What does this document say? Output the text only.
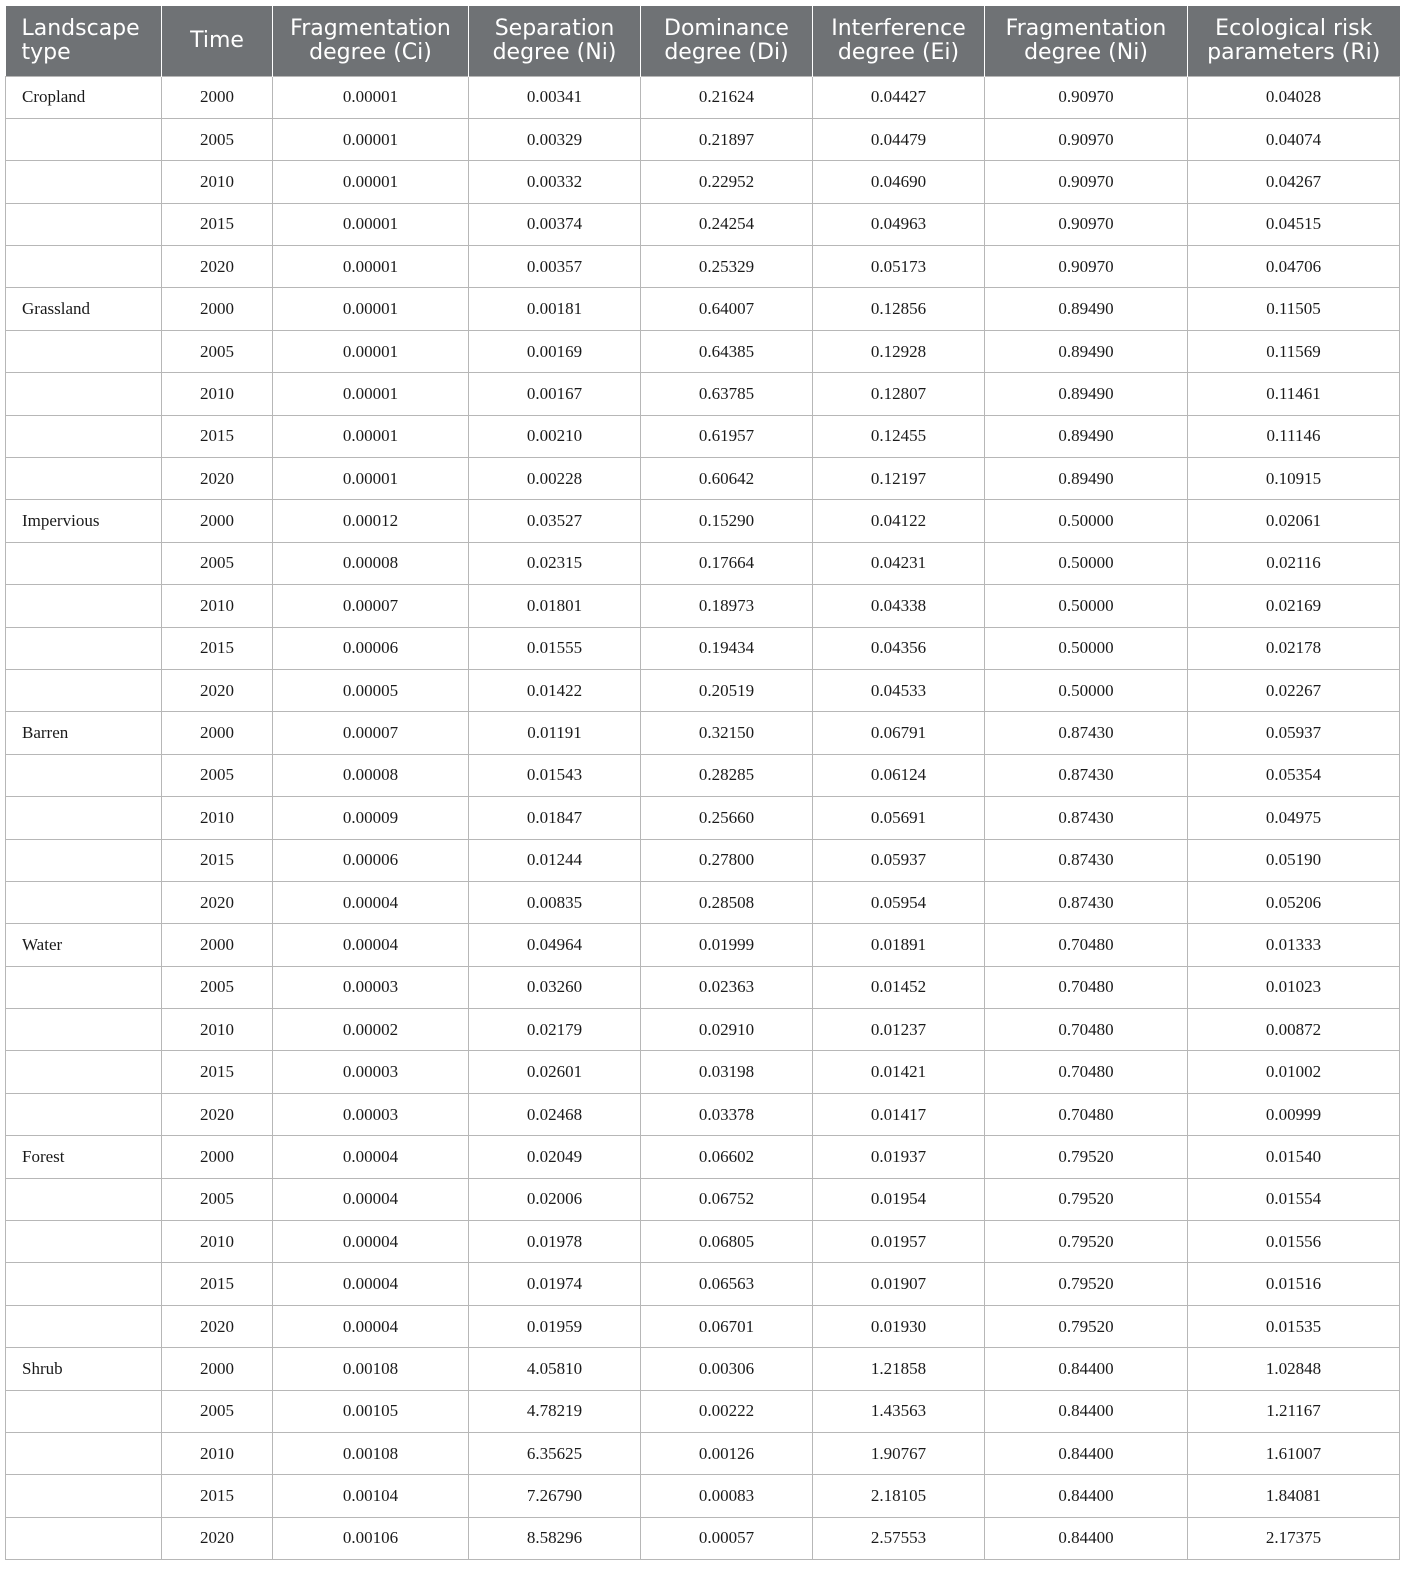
Landscape type	Time	Fragmentation degree (Ci)	Separation degree (Ni)	Dominance degree (Di)	Interference degree (Ei)	Fragmentation degree (Ni)	Ecological risk parameters (Ri)
Cropland	2000	0.00001	0.00341	0.21624	0.04427	0.90970	0.04028
	2005	0.00001	0.00329	0.21897	0.04479	0.90970	0.04074
	2010	0.00001	0.00332	0.22952	0.04690	0.90970	0.04267
	2015	0.00001	0.00374	0.24254	0.04963	0.90970	0.04515
	2020	0.00001	0.00357	0.25329	0.05173	0.90970	0.04706
Grassland	2000	0.00001	0.00181	0.64007	0.12856	0.89490	0.11505
	2005	0.00001	0.00169	0.64385	0.12928	0.89490	0.11569
	2010	0.00001	0.00167	0.63785	0.12807	0.89490	0.11461
	2015	0.00001	0.00210	0.61957	0.12455	0.89490	0.11146
	2020	0.00001	0.00228	0.60642	0.12197	0.89490	0.10915
Impervious	2000	0.00012	0.03527	0.15290	0.04122	0.50000	0.02061
	2005	0.00008	0.02315	0.17664	0.04231	0.50000	0.02116
	2010	0.00007	0.01801	0.18973	0.04338	0.50000	0.02169
	2015	0.00006	0.01555	0.19434	0.04356	0.50000	0.02178
	2020	0.00005	0.01422	0.20519	0.04533	0.50000	0.02267
Barren	2000	0.00007	0.01191	0.32150	0.06791	0.87430	0.05937
	2005	0.00008	0.01543	0.28285	0.06124	0.87430	0.05354
	2010	0.00009	0.01847	0.25660	0.05691	0.87430	0.04975
	2015	0.00006	0.01244	0.27800	0.05937	0.87430	0.05190
	2020	0.00004	0.00835	0.28508	0.05954	0.87430	0.05206
Water	2000	0.00004	0.04964	0.01999	0.01891	0.70480	0.01333
	2005	0.00003	0.03260	0.02363	0.01452	0.70480	0.01023
	2010	0.00002	0.02179	0.02910	0.01237	0.70480	0.00872
	2015	0.00003	0.02601	0.03198	0.01421	0.70480	0.01002
	2020	0.00003	0.02468	0.03378	0.01417	0.70480	0.00999
Forest	2000	0.00004	0.02049	0.06602	0.01937	0.79520	0.01540
	2005	0.00004	0.02006	0.06752	0.01954	0.79520	0.01554
	2010	0.00004	0.01978	0.06805	0.01957	0.79520	0.01556
	2015	0.00004	0.01974	0.06563	0.01907	0.79520	0.01516
	2020	0.00004	0.01959	0.06701	0.01930	0.79520	0.01535
Shrub	2000	0.00108	4.05810	0.00306	1.21858	0.84400	1.02848
	2005	0.00105	4.78219	0.00222	1.43563	0.84400	1.21167
	2010	0.00108	6.35625	0.00126	1.90767	0.84400	1.61007
	2015	0.00104	7.26790	0.00083	2.18105	0.84400	1.84081
	2020	0.00106	8.58296	0.00057	2.57553	0.84400	2.17375
